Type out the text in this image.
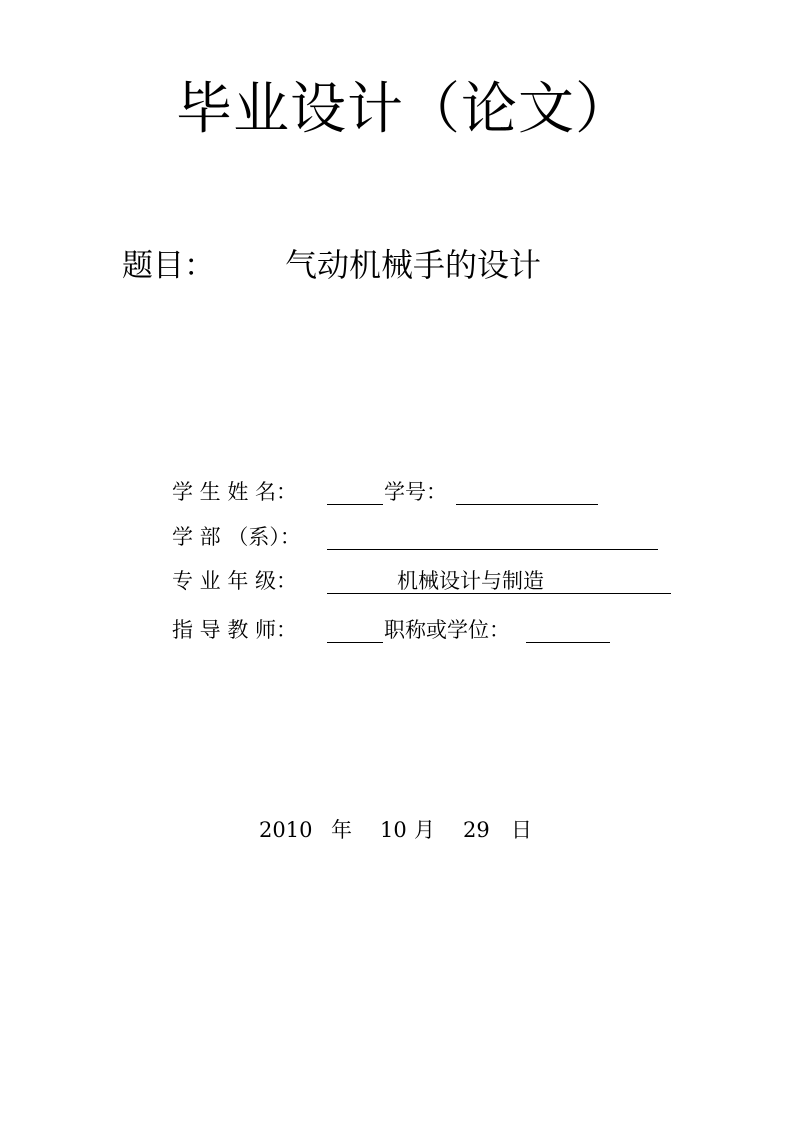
毕业设计（论文）
题目： 气动机械手的设计
学 生 姓 名：	学号：
学 部 （系）：
专 业 年 级：	机械设计与制造
指 导 教 师：	职称或学位：
2010 年 10 月 29 日
